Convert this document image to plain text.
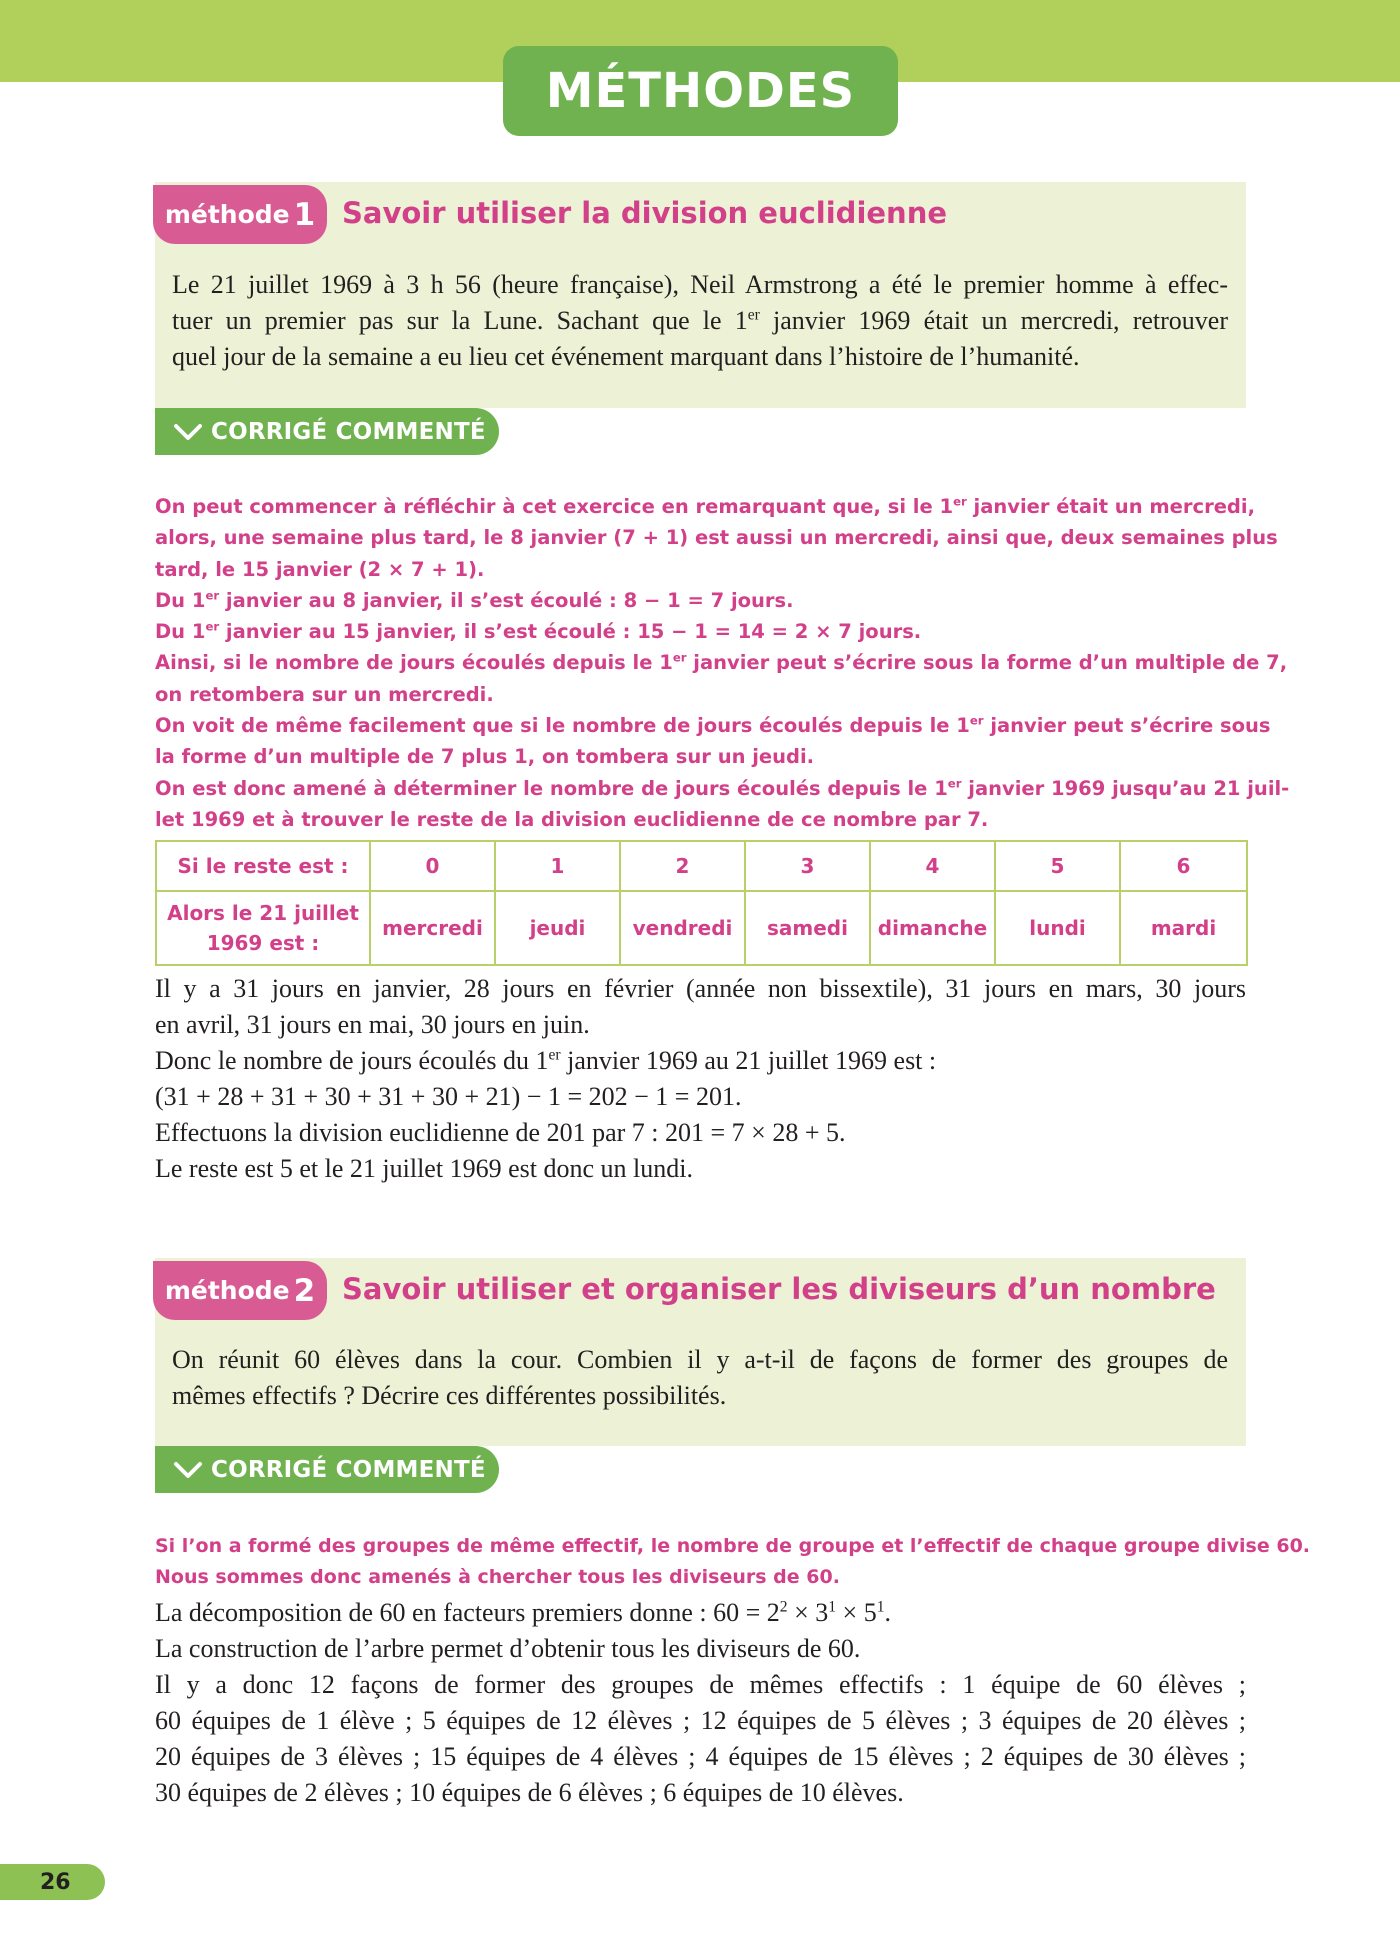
MÉTHODES
méthode 1 Savoir utiliser la division euclidienne

Le 21 juillet 1969 à 3 h 56 (heure française), Neil Armstrong a été le premier homme à effec-

tuer un premier pas sur la Lune. Sachant que le 1er janvier 1969 était un mercredi, retrouver

quel jour de la semaine a eu lieu cet événement marquant dans l’histoire de l’humanité.

CORRIGÉ COMMENTÉ

On peut commencer à réfléchir à cet exercice en remarquant que, si le 1er janvier était un mercredi,

alors, une semaine plus tard, le 8 janvier (7 + 1) est aussi un mercredi, ainsi que, deux semaines plus

tard, le 15 janvier (2 × 7 + 1).

Du 1er janvier au 8 janvier, il s’est écoulé : 8 − 1 = 7 jours.

Du 1er janvier au 15 janvier, il s’est écoulé : 15 − 1 = 14 = 2 × 7 jours.

Ainsi, si le nombre de jours écoulés depuis le 1er janvier peut s’écrire sous la forme d’un multiple de 7,

on retombera sur un mercredi.

On voit de même facilement que si le nombre de jours écoulés depuis le 1er janvier peut s’écrire sous

la forme d’un multiple de 7 plus 1, on tombera sur un jeudi.

On est donc amené à déterminer le nombre de jours écoulés depuis le 1er janvier 1969 jusqu’au 21 juil-

let 1969 et à trouver le reste de la division euclidienne de ce nombre par 7.

Si le reste est :	0	1	2	3	4	5	6
Alors le 21 juillet
1969 est :	mercredi	jeudi	vendredi	samedi	dimanche	lundi	mardi

Il y a 31 jours en janvier, 28 jours en février (année non bissextile), 31 jours en mars, 30 jours

en avril, 31 jours en mai, 30 jours en juin.

Donc le nombre de jours écoulés du 1er janvier 1969 au 21 juillet 1969 est :

(31 + 28 + 31 + 30 + 31 + 30 + 21) − 1 = 202 − 1 = 201.

Effectuons la division euclidienne de 201 par 7 : 201 = 7 × 28 + 5.

Le reste est 5 et le 21 juillet 1969 est donc un lundi.

méthode 2 Savoir utiliser et organiser les diviseurs d’un nombre

On réunit 60 élèves dans la cour. Combien il y a-t-il de façons de former des groupes de

mêmes effectifs ? Décrire ces différentes possibilités.

CORRIGÉ COMMENTÉ

Si l’on a formé des groupes de même effectif, le nombre de groupe et l’effectif de chaque groupe divise 60.

Nous sommes donc amenés à chercher tous les diviseurs de 60.

La décomposition de 60 en facteurs premiers donne : $60 = 2^2 \times 3^1 \times 5^1$.

La construction de l’arbre permet d’obtenir tous les diviseurs de 60.

Il y a donc 12 façons de former des groupes de mêmes effectifs : 1 équipe de 60 élèves ;

60 équipes de 1 élève ; 5 équipes de 12 élèves ; 12 équipes de 5 élèves ; 3 équipes de 20 élèves ;

20 équipes de 3 élèves ; 15 équipes de 4 élèves ; 4 équipes de 15 élèves ; 2 équipes de 30 élèves ;

30 équipes de 2 élèves ; 10 équipes de 6 élèves ; 6 équipes de 10 élèves.

26
